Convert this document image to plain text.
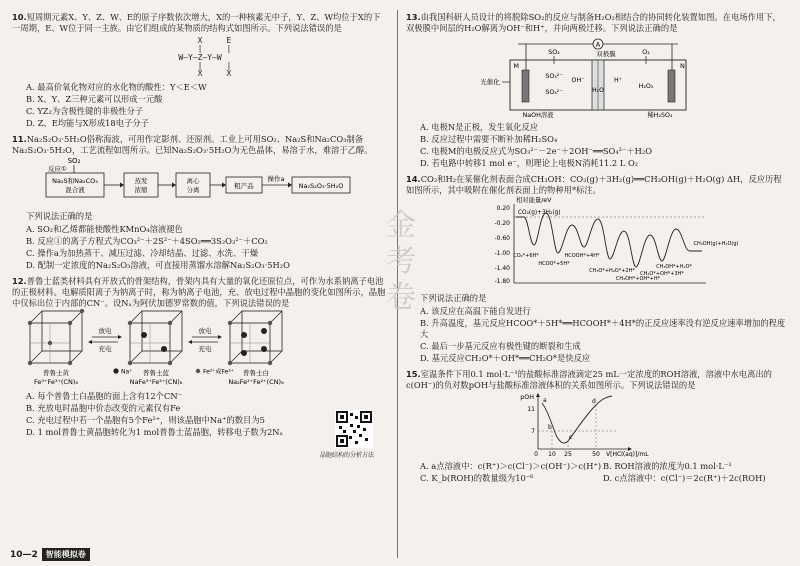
10.短周期元素X、Y、Z、W、E的原子序数依次增大，X的一种核素无中子，Y、Z、W均位于X的下一周期，E、W位于同一主族。由它们组成的某物质的结构式如图所示。下列说法错误的是

X     E
|     |
W—Y—Z—Y—W
|     |
X     X

A. 最高价氧化物对应的水化物的酸性：Y＜E＜W

B. X、Y、Z三种元素可以形成一元酸

C. YZ₂为含极性键的非极性分子

D. Z、E均能与X形成18电子分子

11.Na₂S₂O₃·5H₂O俗称海波，可用作定影剂、还原剂。工业上可用SO₂、Na₂S和Na₂CO₃制备Na₂S₂O₃·5H₂O，工艺流程如图所示。已知Na₂S₂O₃·5H₂O为无色晶体，易溶于水，难溶于乙醇。

SO₂
反应①
Na₂S和Na₂CO₃
混合液
蒸发
浓缩
离心
分离	粗产品
操作a
Na₂S₂O₃·5H₂O

下列说法正确的是

A. SO₂和乙烯都能使酸性KMnO₄溶液褪色

B. 反应①的离子方程式为CO₃²⁻＋2S²⁻＋4SO₂══3S₂O₃²⁻＋CO₂

C. 操作a为加热蒸干、减压过滤、冷却结晶、过滤、水洗、干燥

D. 配制一定浓度的Na₂S₂O₃溶液，可直接用蒸馏水溶解Na₂S₂O₃·5H₂O

12.普鲁士蓝类材料具有开放式的骨架结构，骨架内具有大量的氧化还原位点，可作为水系钠离子电池的正极材料。电解质阳离子为钠离子时，称为钠离子电池，充、放电过程中晶胞的变化如图所示，晶胞中仅标出位于内部的CN⁻。设Nₐ为阿伏加德罗常数的值，下列说法错误的是

普鲁士黄
Fe³⁺Fe³⁺(CN)₆
放电
充电
普鲁士蓝
NaFe³⁺Fe²⁺(CN)₆
放电
充电
普鲁士白
Na₂Fe²⁺Fe²⁺(CN)₆
Na⁺	Fe²⁺或Fe³⁺

A. 每个普鲁士白晶胞的面上含有12个CN⁻

B. 充放电时晶胞中价态改变的元素仅有Fe

C. 充电过程中若一个晶胞有5个Fe²⁺，则该晶胞中Na⁺的数目为5

D. 1 mol普鲁士黄晶胞转化为1 mol普鲁士蓝晶胞，转移电子数为2Nₐ

晶胞结构的分析方法
金
考
卷

13.由我国科研人员设计的将脱除SO₂的反应与制备H₂O₂相结合的协同转化装置如图。在电场作用下，双极膜中间层的H₂O解离为OH⁻和H⁺，并向两极迁移。下列说法正确的是

A
M	N
SO₂	双极膜	O₂
光催化
SO₃²⁻
SO₄²⁻
OH⁻
H₂O
H⁺
H₂O₂
NaOH溶液	稀H₂SO₄

A. 电极N是正极，发生氧化反应

B. 反应过程中需要不断补加稀H₂SO₄

C. 电极M的电极反应式为SO₃²⁻－2e⁻＋2OH⁻══SO₄²⁻＋H₂O

D. 若电路中转移1 mol e⁻，则理论上电极N消耗11.2 L O₂

14.CO₂和H₂在某催化剂表面合成CH₃OH：CO₂(g)＋3H₂(g)══CH₃OH(g)＋H₂O(g) ΔH，反应历程如图所示，其中吸附在催化剂表面上的物种用*标注。

相对能量/eV
0.20
-0.20
-0.60
-1.00
-1.40
-1.80
CO₂(g)+3H₂(g)
CO₂*+6H*
HCOO*+5H*
HCOOH*+4H*
CH₃O*+H₂O*+2H*
CH₃OH*+H₂O*
CH₃OH(g)+H₂O(g)
CH₃OH*+OH*+H*
CH₂O*+OH*+3H*

下列说法正确的是

A. 该反应在高温下能自发进行

B. 升高温度，基元反应HCOO*＋5H*══HCOOH*＋4H*的正反应速率没有逆反应速率增加的程度大

C. 最后一步基元反应有极性键的断裂和生成

D. 基元反应CH₂O*＋OH*══CH₂O*是快反应

15.室温条件下用0.1 mol·L⁻¹的盐酸标准溶液滴定25 mL一定浓度的ROH溶液，溶液中水电离出的c(OH⁻)的负对数pOH与盐酸标准溶液体积的关系如图所示。下列说法错误的是

pOH
11
7
a
b
c
d
0 10 25	50 V[HCl(aq)]/mL
A. a点溶液中：c(R⁺)＞c(Cl⁻)＞c(OH⁻)＞c(H⁺) B. ROH溶液的浓度为0.1 mol·L⁻¹
C. K_b(ROH)的数量级为10⁻⁶	D. c点溶液中：c(Cl⁻)＝2c(R⁺)＋2c(ROH)
10—2	智能模拟卷
